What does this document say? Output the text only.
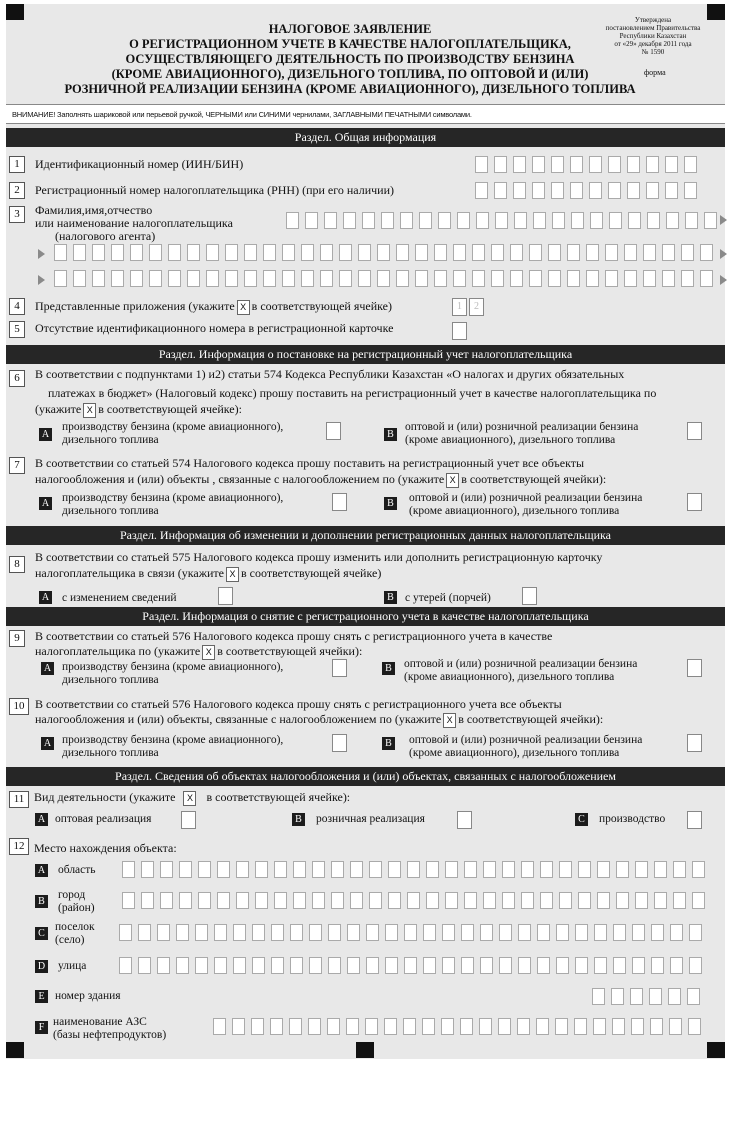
НАЛОГОВОЕ ЗАЯВЛЕНИЕ
О РЕГИСТРАЦИОННОМ УЧЕТЕ В КАЧЕСТВЕ НАЛОГОПЛАТЕЛЬЩИКА,
ОСУЩЕСТВЛЯЮЩЕГО ДЕЯТЕЛЬНОСТЬ ПО ПРОИЗВОДСТВУ БЕНЗИНА
(КРОМЕ АВИАЦИОННОГО), ДИЗЕЛЬНОГО ТОПЛИВА, ПО ОПТОВОЙ И (ИЛИ)
РОЗНИЧНОЙ РЕАЛИЗАЦИИ БЕНЗИНА (КРОМЕ АВИАЦИОННОГО), ДИЗЕЛЬНОГО ТОПЛИВА
Утверждена
постановлением Правительства
Республики Казахстан
от «29» декабря 2011 года
№ 1590
форма
ВНИМАНИЕ! Заполнять шариковой или перьевой ручкой, ЧЕРНЫМИ или СИНИМИ чернилами, ЗАГЛАВНЫМИ ПЕЧАТНЫМИ символами.
Раздел. Общая информация
1	Идентификационный номер (ИИН/БИН)
2	Регистрационный номер налогоплательщика (РНН) (при его наличии)
3	Фамилия,имя,отчество
или наименование налогоплательщика
(налогового агента)
4	Представленные приложения (укажите X в соответствующей ячейке)	1	2
5	Отсутствие идентификационного номера в регистрационной карточке
Раздел. Информация о постановке на регистрационный учет налогоплательщика
6	В соответствии с подпунктами 1) и2) статьи 574 Кодекса Республики Казахстан «О налогах и других обязательных
платежах в бюджет» (Налоговый кодекс) прошу поставить на регистрационный учет в качестве налогоплательщика по
(укажите X в соответствующей ячейке):
А
производству бензина (кроме авиационного),
дизельного топлива	В
оптовой и (или) розничной реализации бензина
(кроме авиационного), дизельного топлива
7	В соответствии со статьей 574 Налогового кодекса прошу поставить на регистрационный учет все объекты
налогообложения и (или) объекты , связанные с налогообложением по (укажите X в соответствующей ячейки):
А производству бензина (кроме авиационного),
дизельного топлива
В оптовой и (или) розничной реализации бензина
(кроме авиационного), дизельного топлива
Раздел. Информация об изменении и дополнении регистрационных данных налогоплательщика
8	В соответствии со статьей 575 Налогового кодекса прошу изменить или дополнить регистрационную карточку
налогоплательщика в связи (укажите X в соответствующей ячейке)
А с изменением сведений	В с утерей (порчей)
Раздел. Информация о снятие с регистрационного учета в качестве налогоплательщика
9	В соответствии со статьей 576 Налогового кодекса прошу снять с регистрационного учета в качестве
налогоплательщика по (укажите X в соответствующей ячейки):
А производству бензина (кроме авиационного),
дизельного топлива
В оптовой и (или) розничной реализации бензина
(кроме авиационного), дизельного топлива
10 В соответствии со статьей 576 Налогового кодекса прошу снять с регистрационного учета все объекты
налогообложения и (или) объекты, связанные с налогообложением по (укажите X в соответствующей ячейки):
А производству бензина (кроме авиационного),
дизельного топлива
В оптовой и (или) розничной реализации бензина
(кроме авиационного), дизельного топлива
Раздел. Сведения об объектах налогообложения и (или) объектах, связанных с налогообложением
11 Вид деятельности (укажите X в соответствующей ячейке):
А оптовая реализация	В розничная реализация	С производство
12 Место нахождения объекта:
А область
В
город
(район)
С
поселок
(село)
D улица
Е номер здания
F наименование АЗС
(базы нефтепродуктов)
